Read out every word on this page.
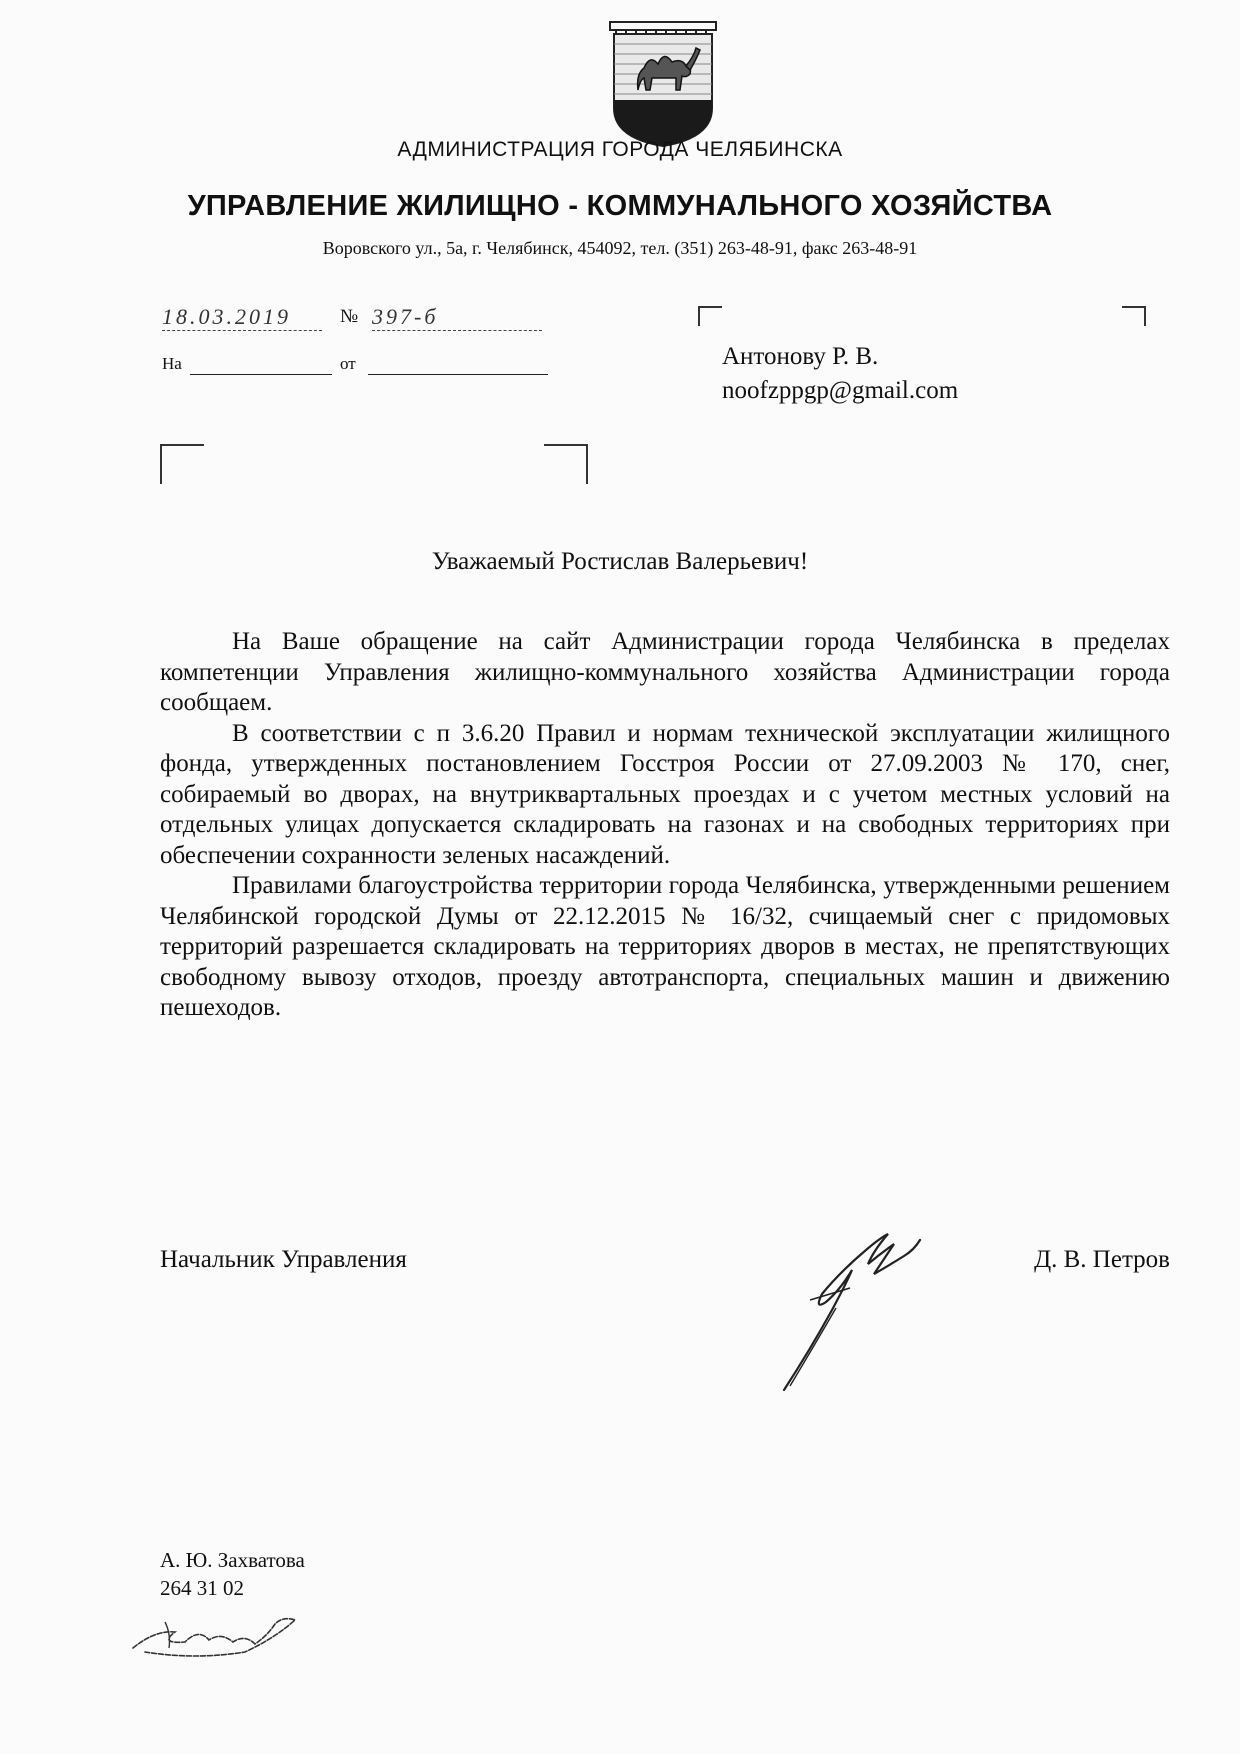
АДМИНИСТРАЦИЯ ГОРОДА ЧЕЛЯБИНСКА
УПРАВЛЕНИЕ ЖИЛИЩНО - КОММУНАЛЬНОГО ХОЗЯЙСТВА
Воровского ул., 5а, г. Челябинск, 454092, тел. (351) 263-48-91, факс 263-48-91
18.03.2019	№ 397-б
На	от	Антонову Р. В.
noofzppgp@gmail.com
Уважаемый Ростислав Валерьевич!

На Ваше обращение на сайт Администрации города Челябинска в пределах компетенции Управления жилищно-коммунального хозяйства Администрации города сообщаем.

В соответствии с п 3.6.20 Правил и нормам технической эксплуатации жилищного фонда, утвержденных постановлением Госстроя России от 27.09.2003 № 170, снег, собираемый во дворах, на внутриквартальных проездах и с учетом местных условий на отдельных улицах допускается складировать на газонах и на свободных территориях при обеспечении сохранности зеленых насаждений.

Правилами благоустройства территории города Челябинска, утвержденными решением Челябинской городской Думы от 22.12.2015 № 16/32, счищаемый снег с придомовых территорий разрешается складировать на территориях дворов в местах, не препятствующих свободному вывозу отходов, проезду автотранспорта, специальных машин и движению пешеходов.

Начальник Управления	Д. В. Петров
А. Ю. Захватова
264 31 02
